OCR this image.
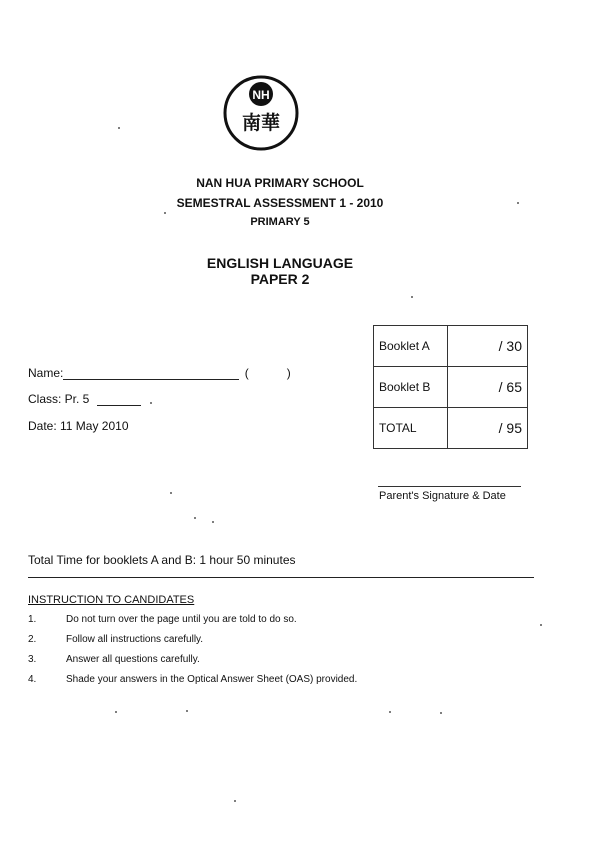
NH
南華
NAN HUA PRIMARY SCHOOL
SEMESTRAL ASSESSMENT 1 - 2010
PRIMARY 5
ENGLISH LANGUAGE
PAPER 2
Name:	(	)
Class: Pr. 5
Date: 11 May 2010
Booklet A	/ 30
Booklet B	/ 65
TOTAL	/ 95
Parent's Signature & Date
Total Time for booklets A and B: 1 hour 50 minutes
INSTRUCTION TO CANDIDATES
1.	Do not turn over the page until you are told to do so.
2.	Follow all instructions carefully.
3.	Answer all questions carefully.
4.	Shade your answers in the Optical Answer Sheet (OAS) provided.
